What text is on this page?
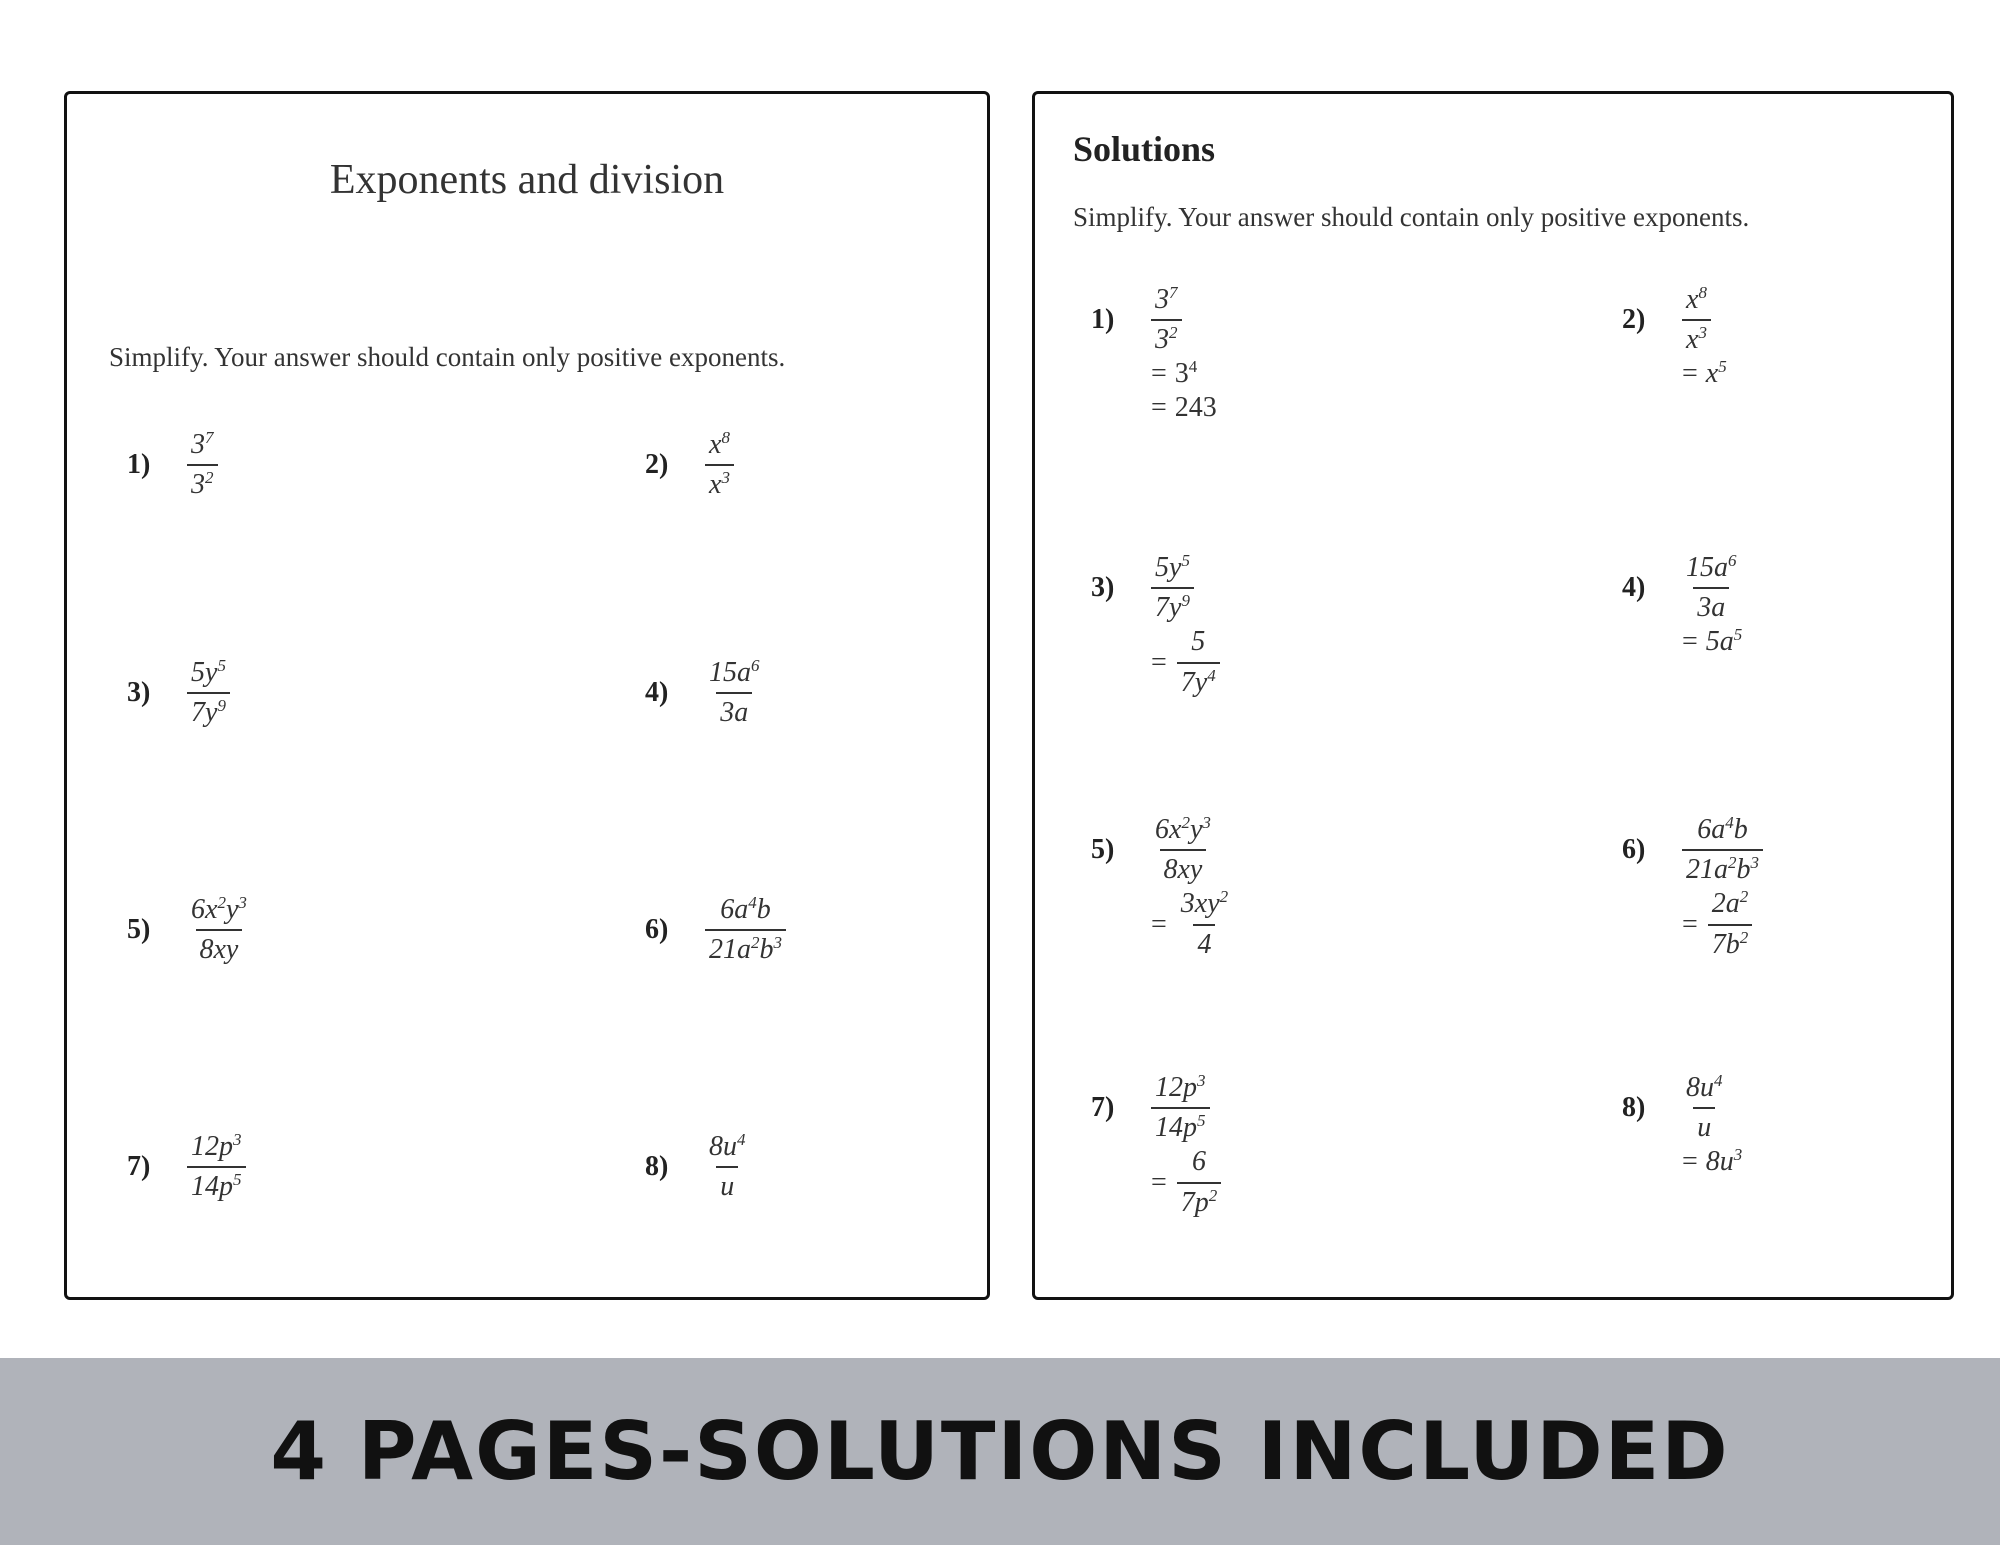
Exponents and division
Simplify. Your answer should contain only positive exponents.
1)	$\frac{3^7}{3^2}$	2)	$\frac{x^8}{x^3}$
3)	$\frac{5y^5}{7y^9}$	4)	$\frac{15a^6}{3a}$
5)	$\frac{6x^2y^3}{8xy}$	6)	$\frac{6a^4b}{21a^2b^3}$
7)	$\frac{12p^3}{14p^5}$	8)	$\frac{8u^4}{u}$
Solutions
Simplify. Your answer should contain only positive exponents.
1)	$\frac{3^7}{3^2}$
= $3^4$
= 243
2)	$\frac{x^8}{x^3}$
= $x^5$
3)	$\frac{5y^5}{7y^9}$
= $\frac{5}{7y^4}$
4)	$\frac{15a^6}{3a}$
= $5a^5$
5)	$\frac{6x^2y^3}{8xy}$
= $\frac{3xy^2}{4}$
6)	$\frac{6a^4b}{21a^2b^3}$
= $\frac{2a^2}{7b^2}$
7)	$\frac{12p^3}{14p^5}$
= $\frac{6}{7p^2}$
8)	$\frac{8u^4}{u}$
= $8u^3$
4 PAGES-SOLUTIONS INCLUDED
